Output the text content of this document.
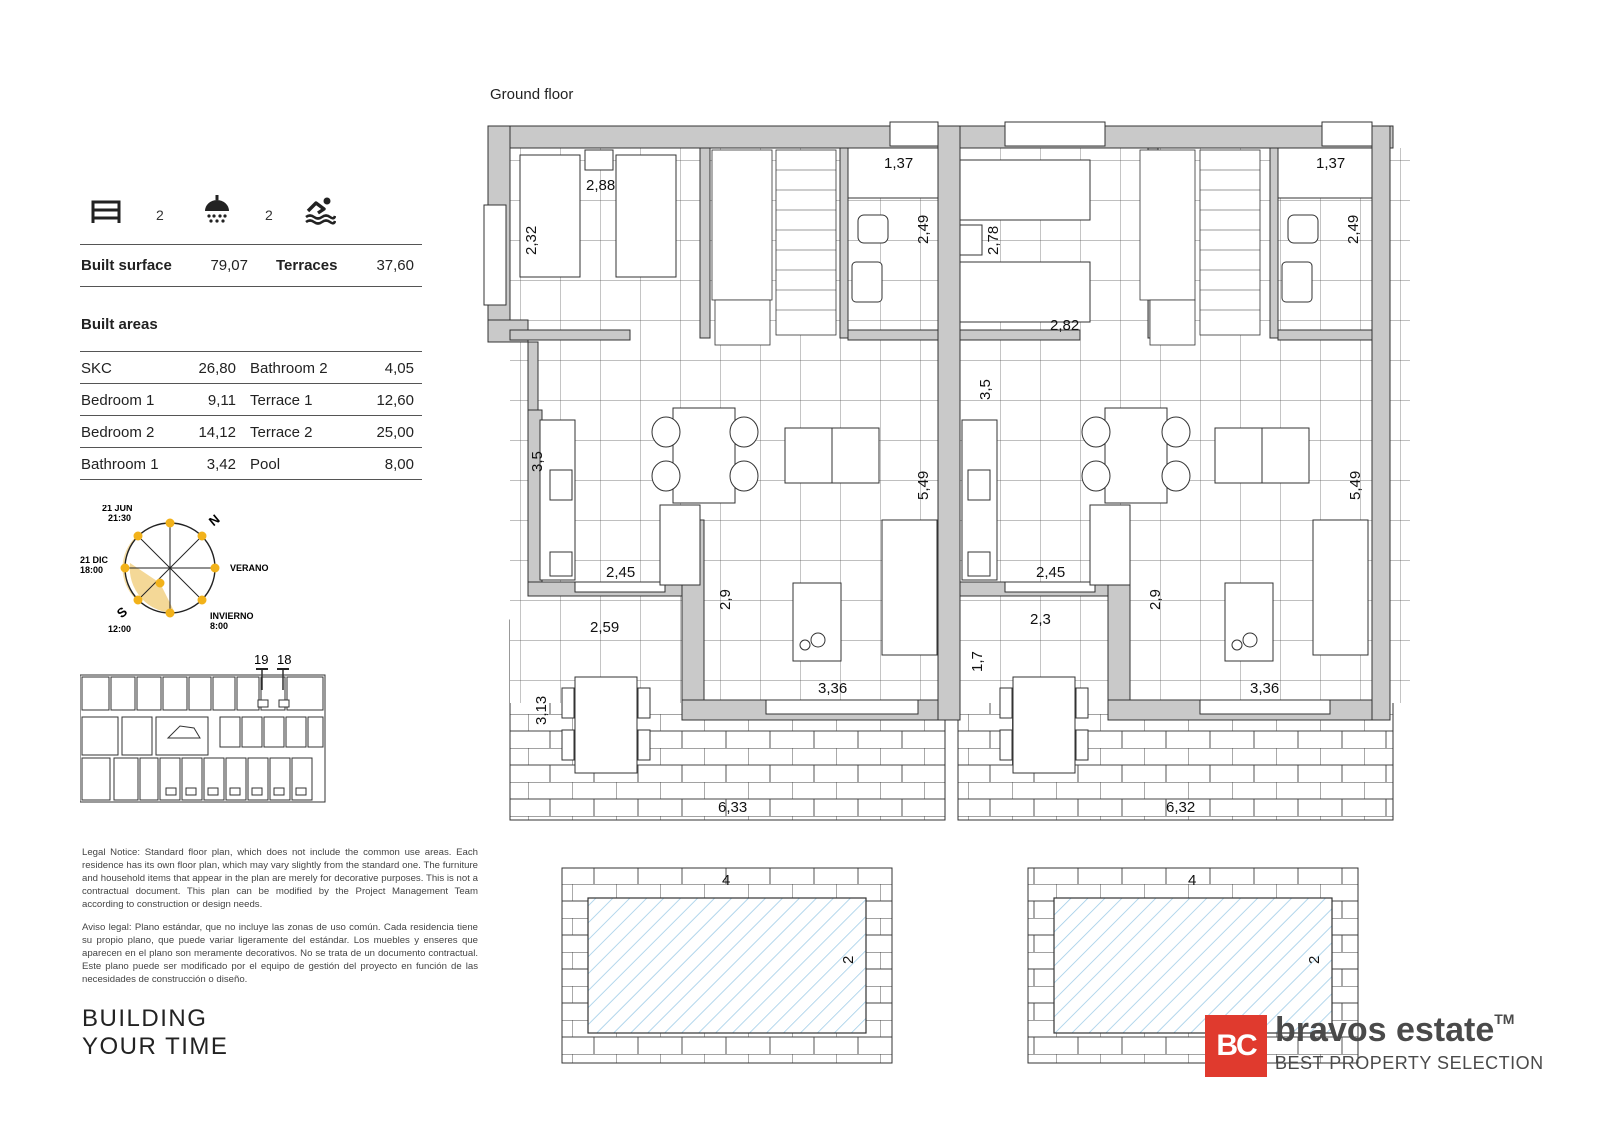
2	2
Built surface	79,07 Terraces	37,60
Built areas
SKC	26,80 Bathroom 2	4,05
Bedroom 1	9,11 Terrace 1	12,60
Bedroom 2	14,12 Terrace 2	25,00
Bathroom 1	3,42 Pool	8,00
21 JUN
21:30
21 DIC
18:00	VERANO
INVIERNO
8:00
S
12:00
N
19 18
Legal Notice: Standard floor plan, which does not include the common use areas. Each residence has its own floor plan, which may vary slightly from the standard one. The furniture and household items that appear in the plan are merely for decorative purposes. This is not a contractual document. This plan can be modified by the Project Management Team according to construction or design needs.
Aviso legal: Plano estándar, que no incluye las zonas de uso común. Cada residencia tiene su propio plano, que puede variar ligeramente del estándar. Los muebles y enseres que aparecen en el plano son meramente decorativos. No se trata de un documento contractual. Este plano puede ser modificado por el equipo de gestión del proyecto en función de las necesidades de construcción o diseño.
BUILDING
YOUR TIME
Ground floor
1,37
2,88
2,32	2,49
3,5
5,49
2,45
2,9
2,59
3,13
3,36
6,33
1,37
2,78	2,49
2,82
3,5
5,49
2,45
2,9
2,3
1,7
3,36
6,32
4
2
4
2
BC bravos estate™
BEST PROPERTY SELECTION
